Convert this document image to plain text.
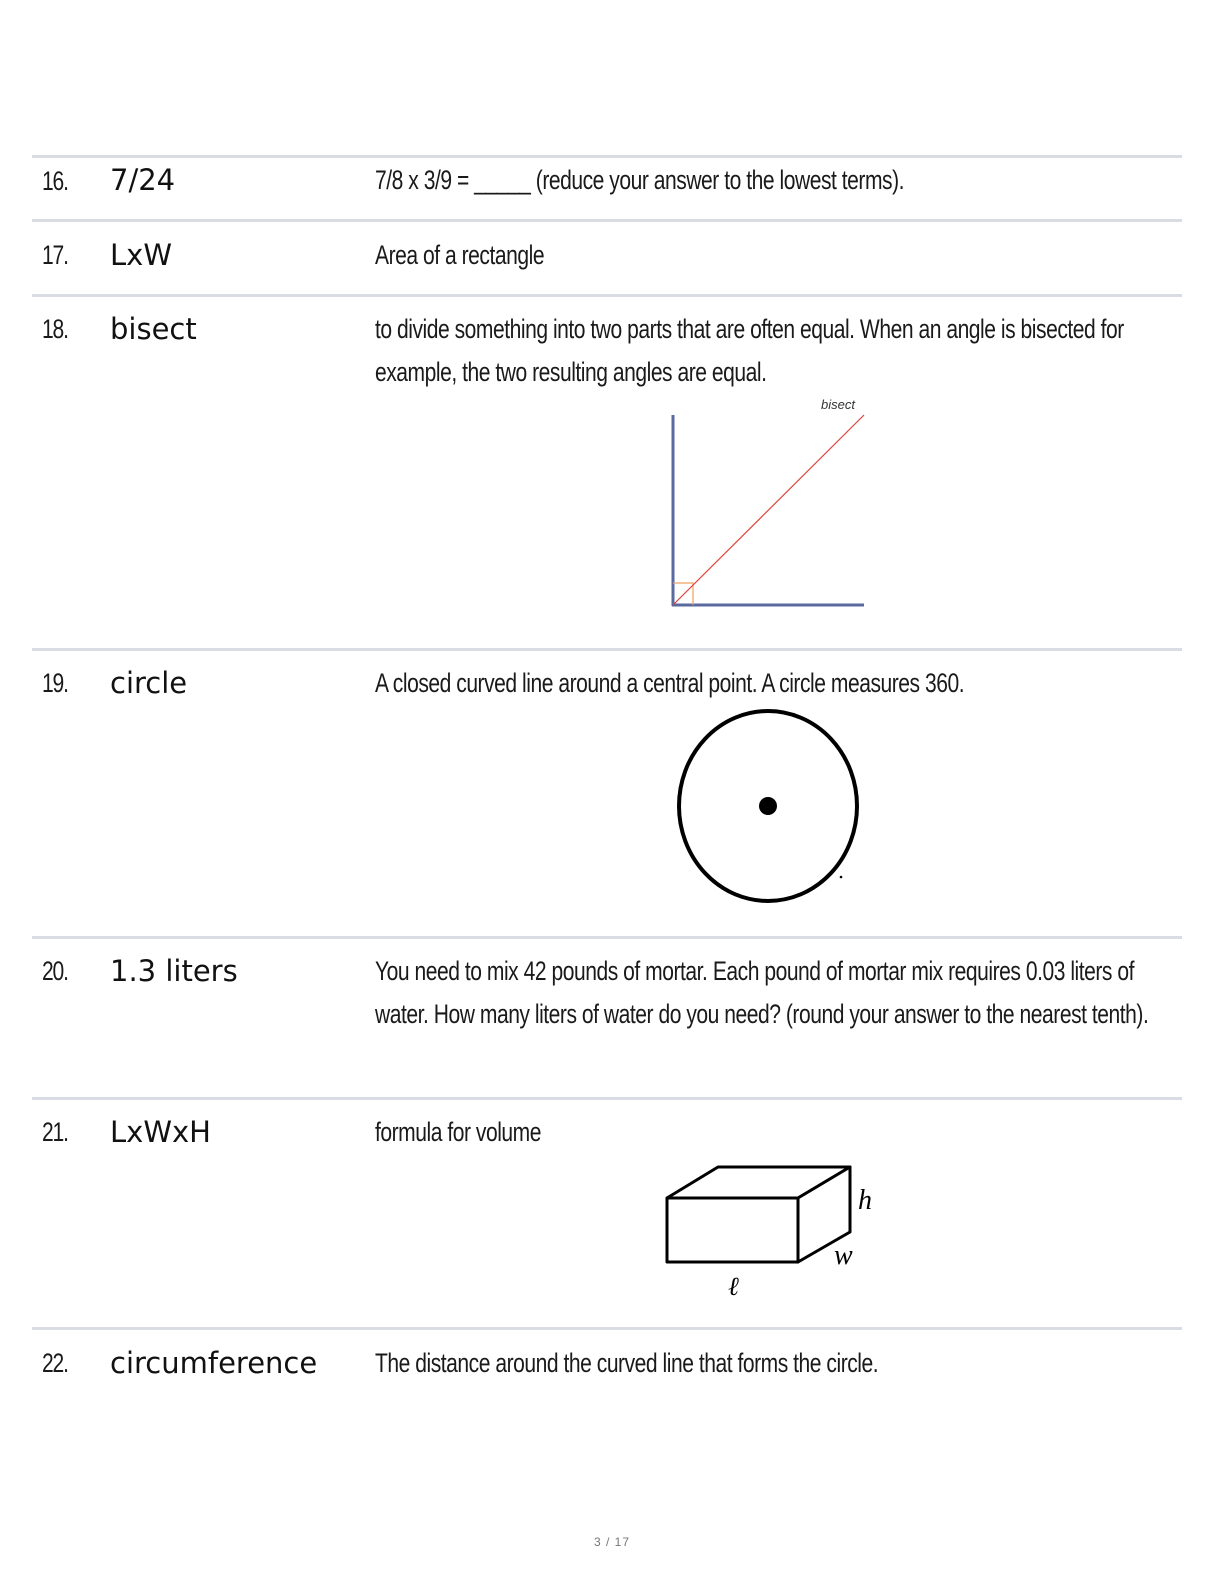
16. 7/24	7/8 x 3/9 = _____ (reduce your answer to the lowest terms).
17. LxW	Area of a rectangle
18. bisect	to divide something into two parts that are often equal. When an angle is bisected for example, the two resulting angles are equal.
bisect
19. circle	A closed curved line around a central point. A circle measures 360.
20. 1.3 liters	You need to mix 42 pounds of mortar. Each pound of mortar mix requires 0.03 liters of water. How many liters of water do you need? (round your answer to the nearest tenth).
21. LxWxH	formula for volume
h
w
ℓ
22. circumference The distance around the curved line that forms the circle.
3 / 17
